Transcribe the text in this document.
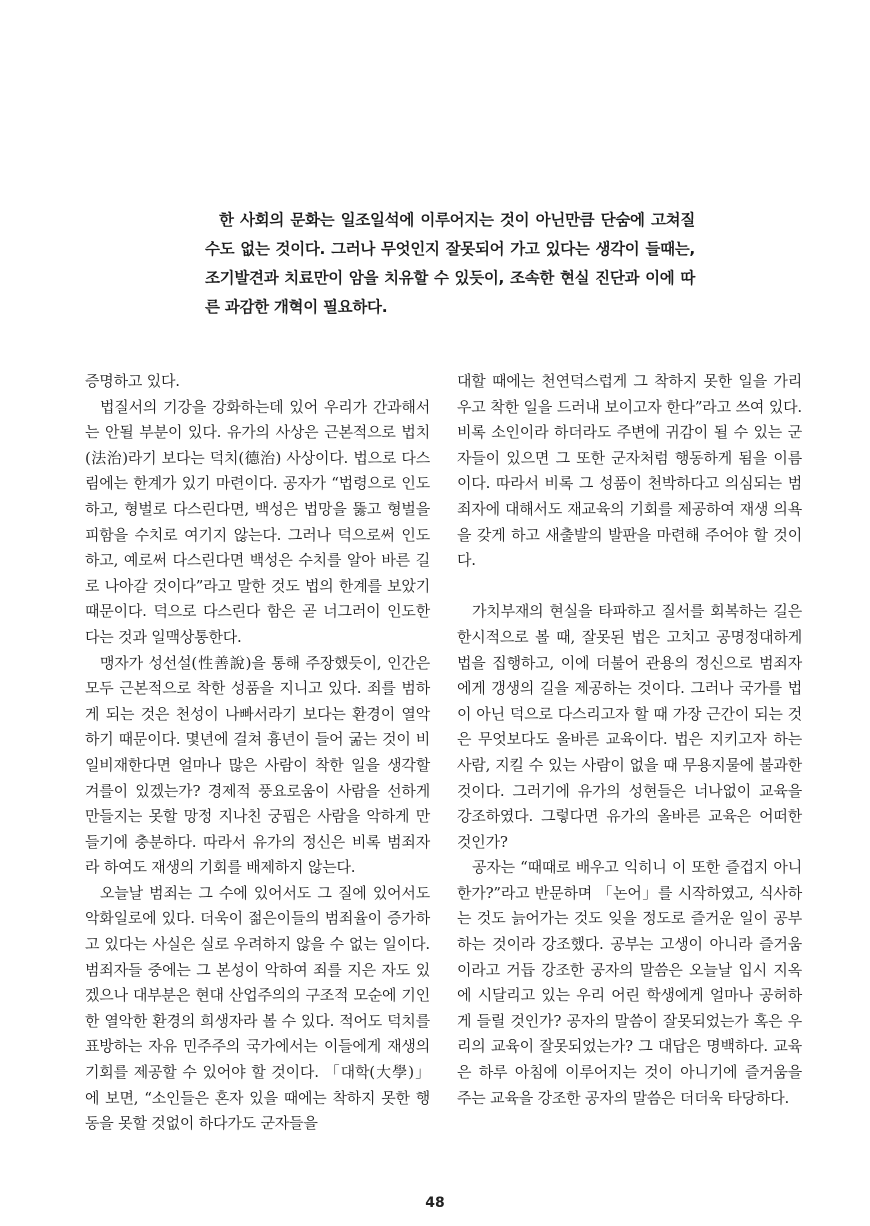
한 사회의 문화는 일조일석에 이루어지는 것이 아닌만큼 단숨에 고쳐질 수도 없는 것이다. 그러나 무엇인지 잘못되어 가고 있다는 생각이 들때는, 조기발견과 치료만이 암을 치유할 수 있듯이, 조속한 현실 진단과 이에 따른 과감한 개혁이 필요하다.

증명하고 있다.

법질서의 기강을 강화하는데 있어 우리가 간과해서는 안될 부분이 있다. 유가의 사상은 근본적으로 법치(法治)라기 보다는 덕치(德治) 사상이다. 법으로 다스림에는 한계가 있기 마련이다. 공자가 “법령으로 인도하고, 형벌로 다스린다면, 백성은 법망을 뚫고 형벌을 피함을 수치로 여기지 않는다. 그러나 덕으로써 인도하고, 예로써 다스린다면 백성은 수치를 알아 바른 길로 나아갈 것이다”라고 말한 것도 법의 한계를 보았기 때문이다. 덕으로 다스린다 함은 곧 너그러이 인도한다는 것과 일맥상통한다.

맹자가 성선설(性善說)을 통해 주장했듯이, 인간은 모두 근본적으로 착한 성품을 지니고 있다. 죄를 범하게 되는 것은 천성이 나빠서라기 보다는 환경이 열악하기 때문이다. 몇년에 걸쳐 흉년이 들어 굶는 것이 비일비재한다면 얼마나 많은 사람이 착한 일을 생각할 겨를이 있겠는가? 경제적 풍요로움이 사람을 선하게 만들지는 못할 망정 지나친 궁핍은 사람을 악하게 만들기에 충분하다. 따라서 유가의 정신은 비록 범죄자라 하여도 재생의 기회를 배제하지 않는다.

오늘날 범죄는 그 수에 있어서도 그 질에 있어서도 악화일로에 있다. 더욱이 젊은이들의 범죄율이 증가하고 있다는 사실은 실로 우려하지 않을 수 없는 일이다. 범죄자들 중에는 그 본성이 악하여 죄를 지은 자도 있겠으나 대부분은 현대 산업주의의 구조적 모순에 기인한 열악한 환경의 희생자라 볼 수 있다. 적어도 덕치를 표방하는 자유 민주주의 국가에서는 이들에게 재생의 기회를 제공할 수 있어야 할 것이다. 「대학(大學)」에 보면, “소인들은 혼자 있을 때에는 착하지 못한 행동을 못할 것없이 하다가도 군자들을

대할 때에는 천연덕스럽게 그 착하지 못한 일을 가리우고 착한 일을 드러내 보이고자 한다”라고 쓰여 있다. 비록 소인이라 하더라도 주변에 귀감이 될 수 있는 군자들이 있으면 그 또한 군자처럼 행동하게 됨을 이름이다. 따라서 비록 그 성품이 천박하다고 의심되는 범죄자에 대해서도 재교육의 기회를 제공하여 재생 의욕을 갖게 하고 새출발의 발판을 마련해 주어야 할 것이다.

가치부재의 현실을 타파하고 질서를 회복하는 길은 한시적으로 볼 때, 잘못된 법은 고치고 공명정대하게 법을 집행하고, 이에 더불어 관용의 정신으로 범죄자에게 갱생의 길을 제공하는 것이다. 그러나 국가를 법이 아닌 덕으로 다스리고자 할 때 가장 근간이 되는 것은 무엇보다도 올바른 교육이다. 법은 지키고자 하는 사람, 지킬 수 있는 사람이 없을 때 무용지물에 불과한 것이다. 그러기에 유가의 성현들은 너나없이 교육을 강조하였다. 그렇다면 유가의 올바른 교육은 어떠한 것인가?

공자는 “때때로 배우고 익히니 이 또한 즐겁지 아니한가?”라고 반문하며 「논어」를 시작하였고, 식사하는 것도 늙어가는 것도 잊을 정도로 즐거운 일이 공부하는 것이라 강조했다. 공부는 고생이 아니라 즐거움이라고 거듭 강조한 공자의 말씀은 오늘날 입시 지옥에 시달리고 있는 우리 어린 학생에게 얼마나 공허하게 들릴 것인가? 공자의 말씀이 잘못되었는가 혹은 우리의 교육이 잘못되었는가? 그 대답은 명백하다. 교육은 하루 아침에 이루어지는 것이 아니기에 즐거움을 주는 교육을 강조한 공자의 말씀은 더더욱 타당하다.

48
